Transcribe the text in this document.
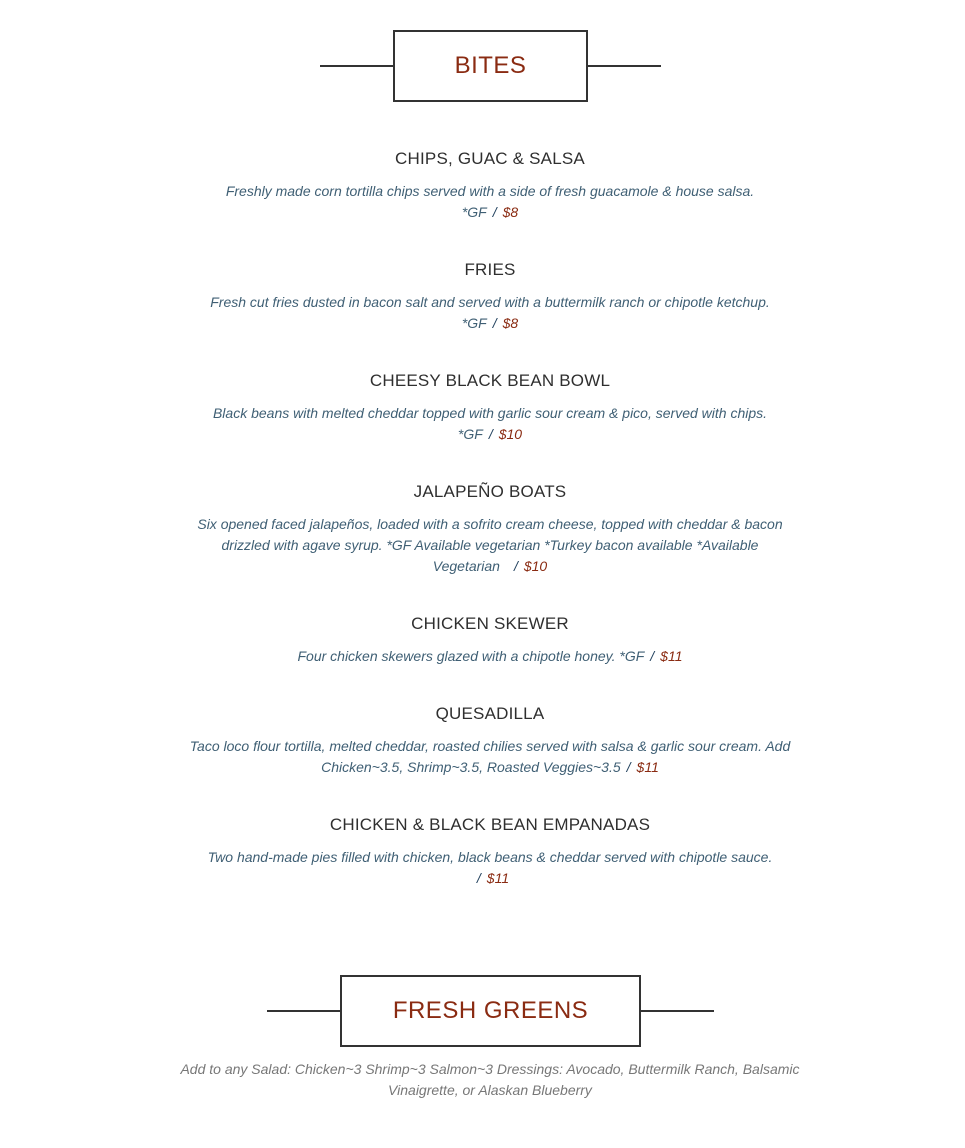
BITES

CHIPS, GUAC & SALSA

Freshly made corn tortilla chips served with a side of fresh guacamole & house salsa.
*GF / $8

FRIES

Fresh cut fries dusted in bacon salt and served with a buttermilk ranch or chipotle ketchup.
*GF / $8

CHEESY BLACK BEAN BOWL

Black beans with melted cheddar topped with garlic sour cream & pico, served with chips.
*GF / $10

JALAPEÑO BOATS

Six opened faced jalapeños, loaded with a sofrito cream cheese, topped with cheddar & bacon drizzled with agave syrup. *GF Available vegetarian *Turkey bacon available *Available Vegetarian / $10

CHICKEN SKEWER

Four chicken skewers glazed with a chipotle honey. *GF / $11

QUESADILLA

Taco loco flour tortilla, melted cheddar, roasted chilies served with salsa & garlic sour cream. Add Chicken~3.5, Shrimp~3.5, Roasted Veggies~3.5 / $11

CHICKEN & BLACK BEAN EMPANADAS

Two hand-made pies filled with chicken, black beans & cheddar served with chipotle sauce.
/ $11

FRESH GREENS
Add to any Salad: Chicken~3 Shrimp~3 Salmon~3 Dressings: Avocado, Buttermilk Ranch, Balsamic Vinaigrette, or Alaskan Blueberry
